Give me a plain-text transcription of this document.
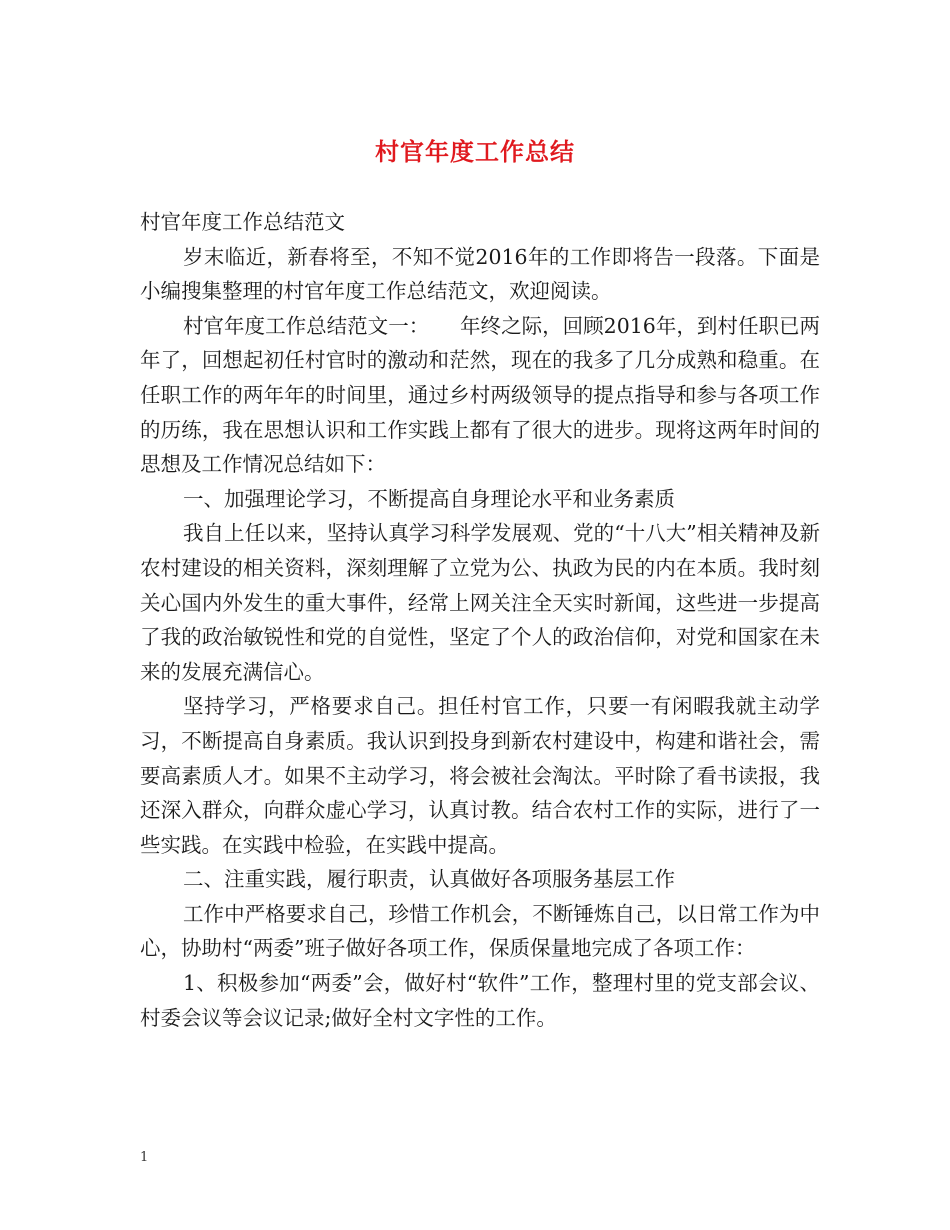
村官年度工作总结

村官年度工作总结范文

岁末临近，新春将至，不知不觉2016年的工作即将告一段落。下面是小编搜集整理的村官年度工作总结范文，欢迎阅读。

村官年度工作总结范文一：　　年终之际，回顾2016年，到村任职已两年了，回想起初任村官时的激动和茫然，现在的我多了几分成熟和稳重。在任职工作的两年年的时间里，通过乡村两级领导的提点指导和参与各项工作的历练，我在思想认识和工作实践上都有了很大的进步。现将这两年时间的思想及工作情况总结如下：

一、加强理论学习，不断提高自身理论水平和业务素质

我自上任以来，坚持认真学习科学发展观、党的“十八大”相关精神及新农村建设的相关资料，深刻理解了立党为公、执政为民的内在本质。我时刻关心国内外发生的重大事件，经常上网关注全天实时新闻，这些进一步提高了我的政治敏锐性和党的自觉性，坚定了个人的政治信仰，对党和国家在未来的发展充满信心。

坚持学习，严格要求自己。担任村官工作，只要一有闲暇我就主动学习，不断提高自身素质。我认识到投身到新农村建设中，构建和谐社会，需要高素质人才。如果不主动学习，将会被社会淘汰。平时除了看书读报，我还深入群众，向群众虚心学习，认真讨教。结合农村工作的实际，进行了一些实践。在实践中检验，在实践中提高。

二、注重实践，履行职责，认真做好各项服务基层工作

工作中严格要求自己，珍惜工作机会，不断锤炼自己，以日常工作为中心，协助村“两委”班子做好各项工作，保质保量地完成了各项工作：

1、积极参加“两委”会，做好村“软件”工作，整理村里的党支部会议、村委会议等会议记录;做好全村文字性的工作。

1
